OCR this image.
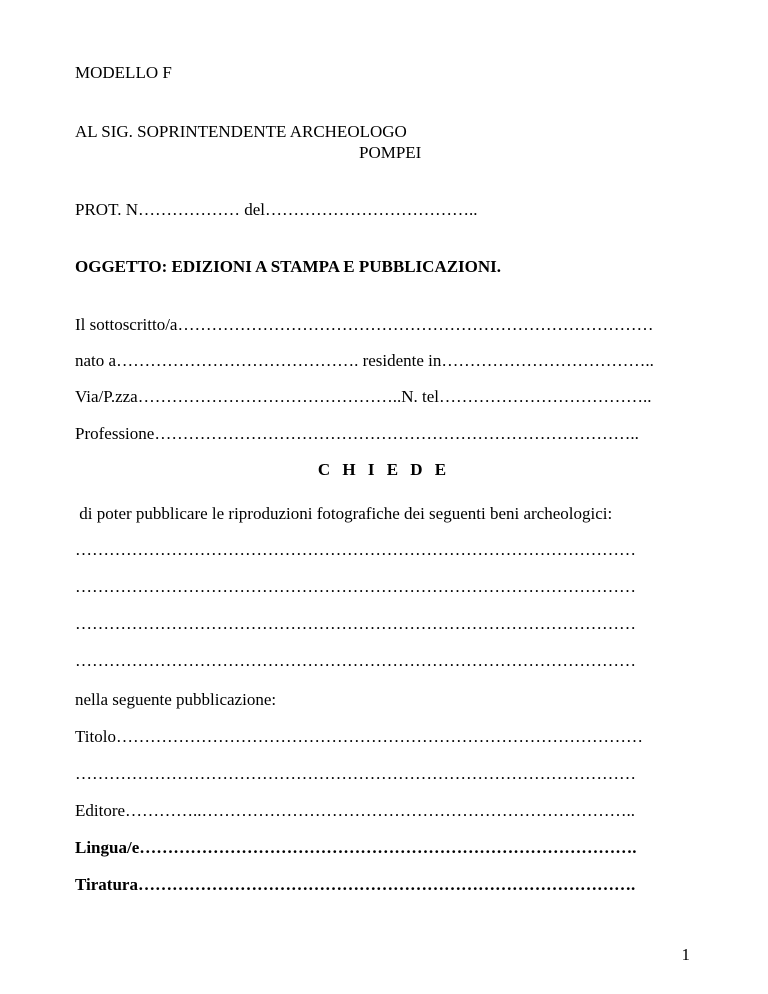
MODELLO F

AL SIG. SOPRINTENDENTE ARCHEOLOGO

POMPEI

PROT. N……………… del………………………………..

OGGETTO: EDIZIONI A STAMPA E PUBBLICAZIONI.

Il sottoscritto/a…………………………………………………………………………

nato a……………………………………. residente in………………………………..

Via/P.zza………………………………………..N. tel………………………………..

Professione…………………………………………………………………………..

C H I E D E

di poter pubblicare le riproduzioni fotografiche dei seguenti beni archeologici:

………………………………………………………………………………………

………………………………………………………………………………………

………………………………………………………………………………………

………………………………………………………………………………………

nella seguente pubblicazione:

Titolo…………………………………………………………………………………

………………………………………………………………………………………

Editore…………..…………………………………………………………………..

Lingua/e…………………………………………………………………………….

Tiratura…………………………………………………………………………….

1
